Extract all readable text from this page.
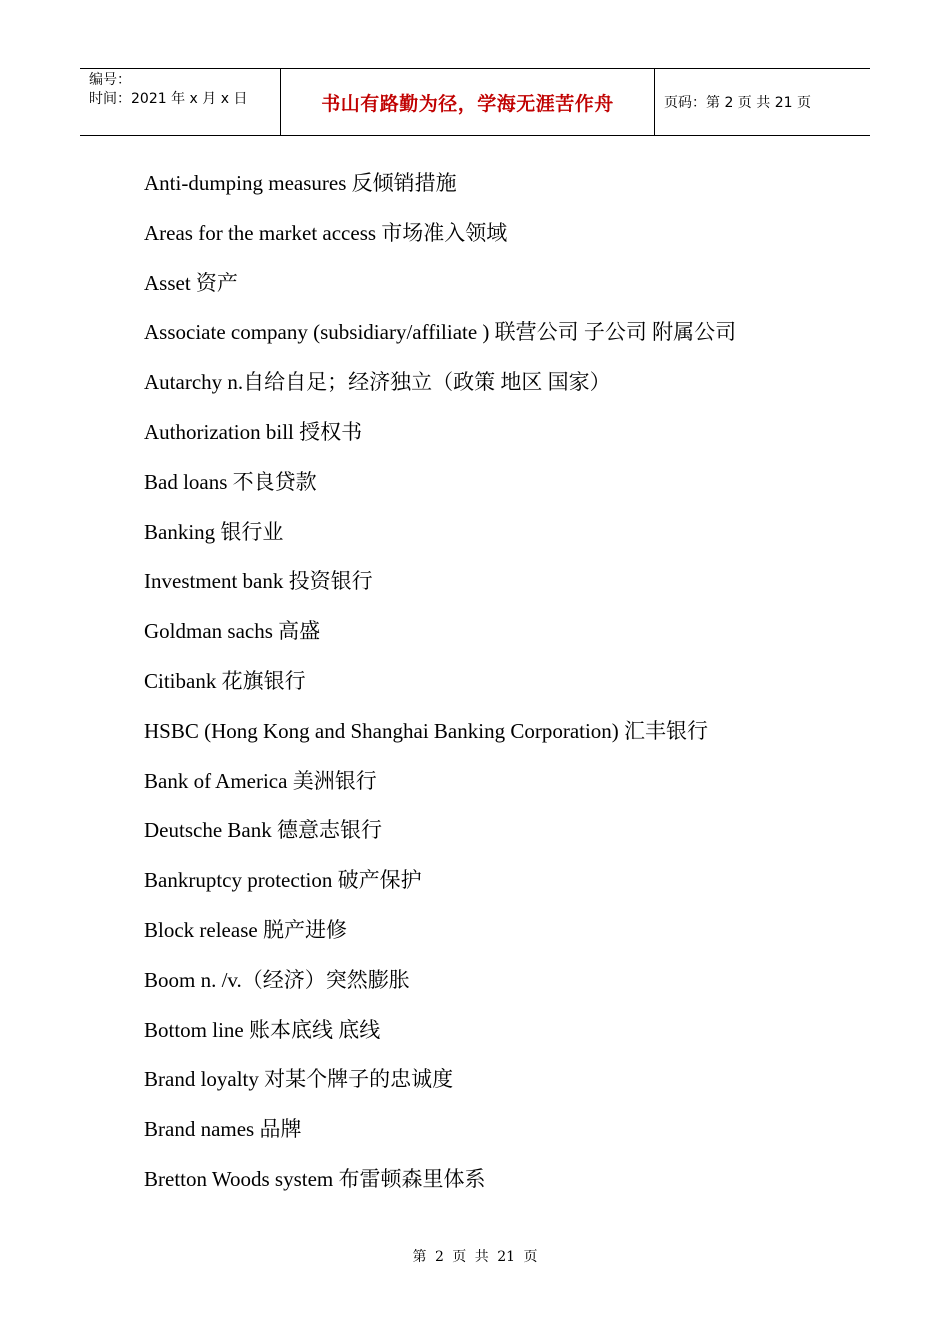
编号：
时间：2021 年 x 月 x 日	书山有路勤为径，学海无涯苦作舟	页码：第 2 页 共 21 页
Anti-dumping measures 反倾销措施
Areas for the market access 市场准入领域
Asset 资产
Associate company (subsidiary/affiliate ) 联营公司 子公司 附属公司
Autarchy n.自给自足；经济独立（政策 地区 国家）
Authorization bill 授权书
Bad loans 不良贷款
Banking 银行业
Investment bank 投资银行
Goldman sachs 高盛
Citibank 花旗银行
HSBC (Hong Kong and Shanghai Banking Corporation) 汇丰银行
Bank of America 美洲银行
Deutsche Bank 德意志银行
Bankruptcy protection 破产保护
Block release 脱产进修
Boom n. /v.（经济）突然膨胀
Bottom line 账本底线 底线
Brand loyalty 对某个牌子的忠诚度
Brand names 品牌
Bretton Woods system 布雷顿森里体系
第 2 页 共 21 页
